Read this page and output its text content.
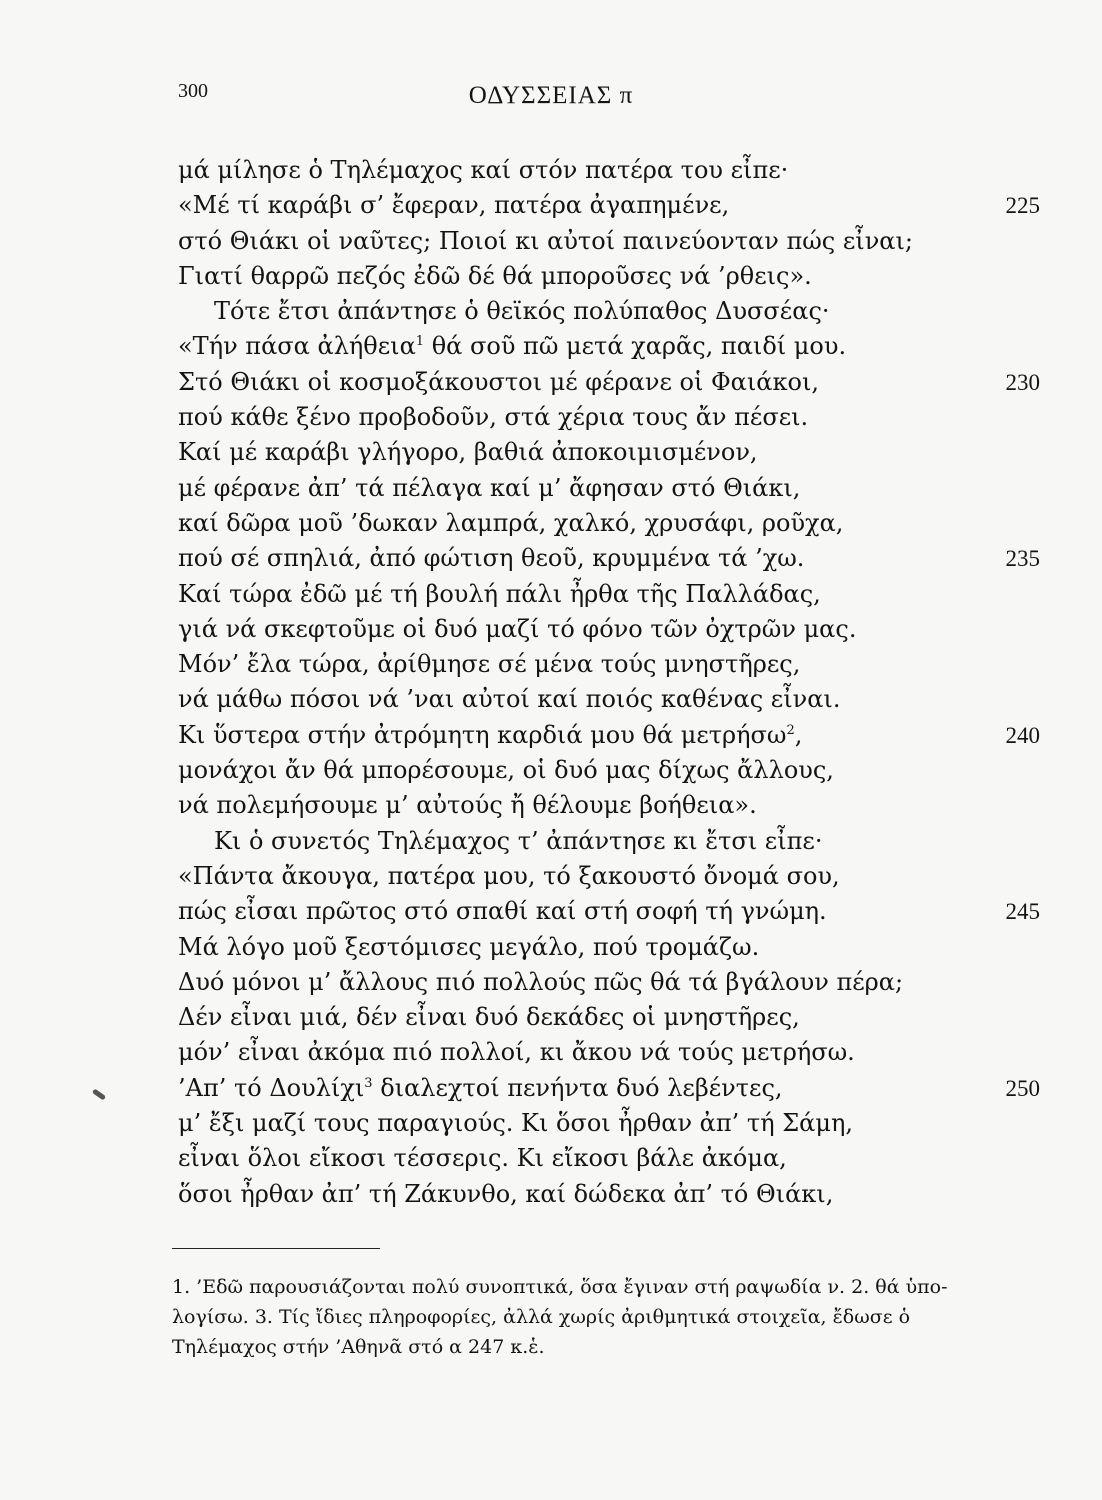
300	ΟΔΥΣΣΕΙΑΣ π
μά μίλησε ὁ Τηλέμαχος καί στόν πατέρα του εἶπε·
«Μέ τί καράβι σ’ ἔφεραν, πατέρα ἀγαπημένε,	225
στό Θιάκι οἱ ναῦτες; Ποιοί κι αὐτοί παινεύονταν πώς εἶναι;
Γιατί θαρρῶ πεζός ἐδῶ δέ θά μποροῦσες νά ’ρθεις».
Τότε ἔτσι ἀπάντησε ὁ θεϊκός πολύπαθος Δυσσέας·
«Τήν πάσα ἀλήθεια$^1$ θά σοῦ πῶ μετά χαρᾶς, παιδί μου.
Στό Θιάκι οἱ κοσμοξάκουστοι μέ φέρανε οἱ Φαιάκοι,	230
πού κάθε ξένο προβοδοῦν, στά χέρια τους ἄν πέσει.
Καί μέ καράβι γλήγορο, βαθιά ἀποκοιμισμένον,
μέ φέρανε ἀπ’ τά πέλαγα καί μ’ ἄφησαν στό Θιάκι,
καί δῶρα μοῦ ’δωκαν λαμπρά, χαλκό, χρυσάφι, ροῦχα,
πού σέ σπηλιά, ἀπό φώτιση θεοῦ, κρυμμένα τά ’χω.	235
Καί τώρα ἐδῶ μέ τή βουλή πάλι ἦρθα τῆς Παλλάδας,
γιά νά σκεφτοῦμε οἱ δυό μαζί τό φόνο τῶν ὀχτρῶν μας.
Μόν’ ἔλα τώρα, ἀρίθμησε σέ μένα τούς μνηστῆρες,
νά μάθω πόσοι νά ’ναι αὐτοί καί ποιός καθένας εἶναι.
Κι ὕστερα στήν ἀτρόμητη καρδιά μου θά μετρήσω$^2$,	240
μονάχοι ἄν θά μπορέσουμε, οἱ δυό μας δίχως ἄλλους,
νά πολεμήσουμε μ’ αὐτούς ἤ θέλουμε βοήθεια».
Κι ὁ συνετός Τηλέμαχος τ’ ἀπάντησε κι ἔτσι εἶπε·
«Πάντα ἄκουγα, πατέρα μου, τό ξακουστό ὄνομά σου,
πώς εἶσαι πρῶτος στό σπαθί καί στή σοφή τή γνώμη.	245
Μά λόγο μοῦ ξεστόμισες μεγάλο, πού τρομάζω.
Δυό μόνοι μ’ ἄλλους πιό πολλούς πῶς θά τά βγάλουν πέρα;
Δέν εἶναι μιά, δέν εἶναι δυό δεκάδες οἱ μνηστῆρες,
μόν’ εἶναι ἀκόμα πιό πολλοί, κι ἄκου νά τούς μετρήσω.
’Απ’ τό Δουλίχι$^3$ διαλεχτοί πενήντα δυό λεβέντες,	250
μ’ ἔξι μαζί τους παραγιούς. Κι ὅσοι ἦρθαν ἀπ’ τή Σάμη,
εἶναι ὅλοι εἴκοσι τέσσερις. Κι εἴκοσι βάλε ἀκόμα,
ὅσοι ἦρθαν ἀπ’ τή Ζάκυνθο, καί δώδεκα ἀπ’ τό Θιάκι,
1. ’Εδῶ παρουσιάζονται πολύ συνοπτικά, ὅσα ἔγιναν στή ραψωδία ν. 2. θά ὑπο-
λογίσω. 3. Τίς ἴδιες πληροφορίες, ἀλλά χωρίς ἀριθμητικά στοιχεῖα, ἔδωσε ὁ
Τηλέμαχος στήν ’Αθηνᾶ στό α 247 κ.ἑ.
